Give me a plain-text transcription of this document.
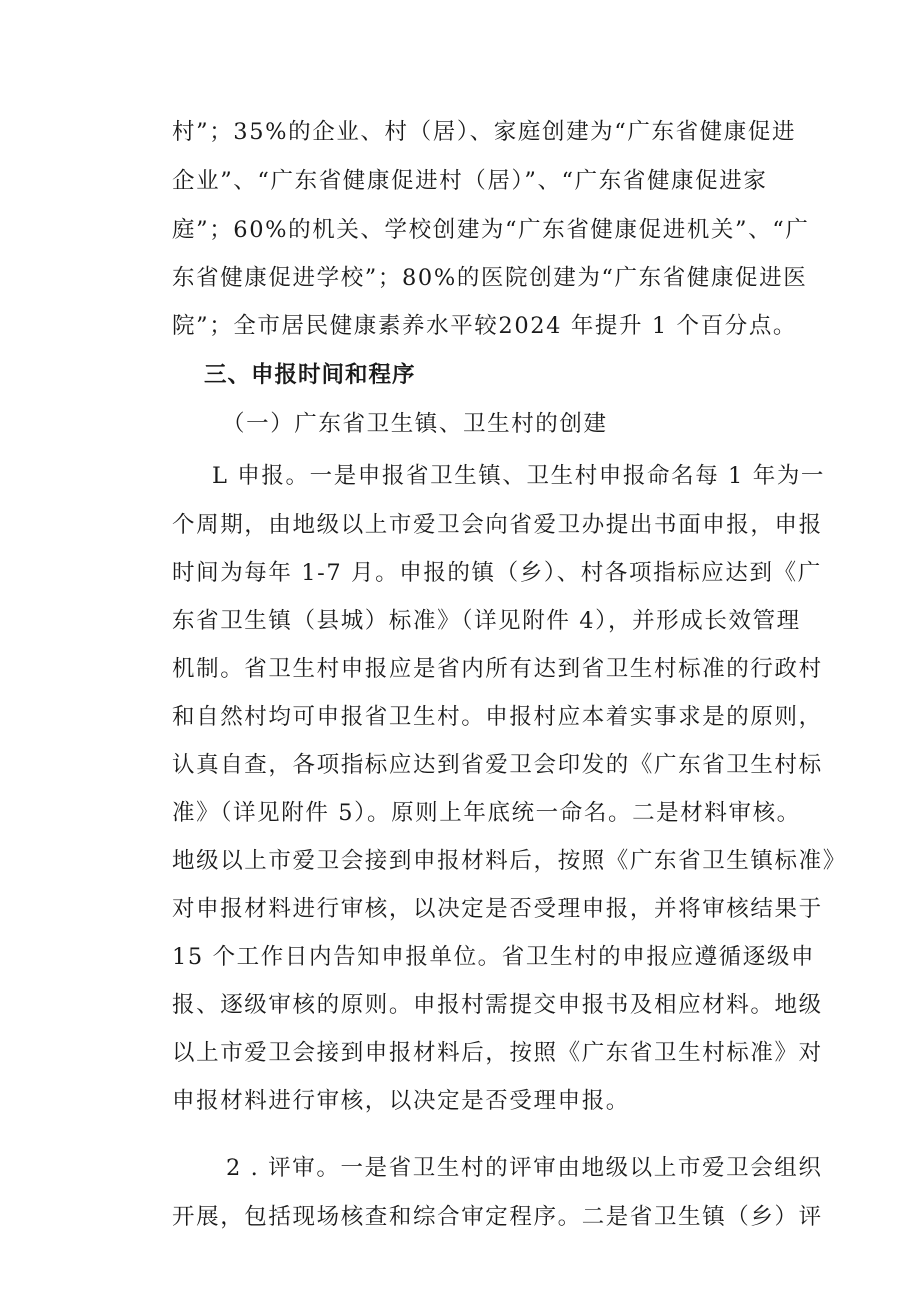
村”；35%的企业、村（居）、家庭创建为“广东省健康促进
企业”、“广东省健康促进村（居）”、“广东省健康促进家
庭”；60%的机关、学校创建为“广东省健康促进机关”、“广
东省健康促进学校”；80%的医院创建为“广东省健康促进医
院”；全市居民健康素养水平较2024 年提升 1 个百分点。
三、申报时间和程序
（一）广东省卫生镇、卫生村的创建
L 申报。一是申报省卫生镇、卫生村申报命名每 1 年为一
个周期，由地级以上市爱卫会向省爱卫办提出书面申报，申报
时间为每年 1-7 月。申报的镇（乡）、村各项指标应达到《广
东省卫生镇（县城）标准》（详见附件 4），并形成长效管理
机制。省卫生村申报应是省内所有达到省卫生村标准的行政村
和自然村均可申报省卫生村。申报村应本着实事求是的原则，
认真自查，各项指标应达到省爱卫会印发的《广东省卫生村标
准》（详见附件 5）。原则上年底统一命名。二是材料审核。
地级以上市爱卫会接到申报材料后，按照《广东省卫生镇标准》
对申报材料进行审核，以决定是否受理申报，并将审核结果于
15 个工作日内告知申报单位。省卫生村的申报应遵循逐级申
报、逐级审核的原则。申报村需提交申报书及相应材料。地级
以上市爱卫会接到申报材料后，按照《广东省卫生村标准》对
申报材料进行审核，以决定是否受理申报。
2 . 评审。一是省卫生村的评审由地级以上市爱卫会组织
开展，包括现场核查和综合审定程序。二是省卫生镇（乡）评
